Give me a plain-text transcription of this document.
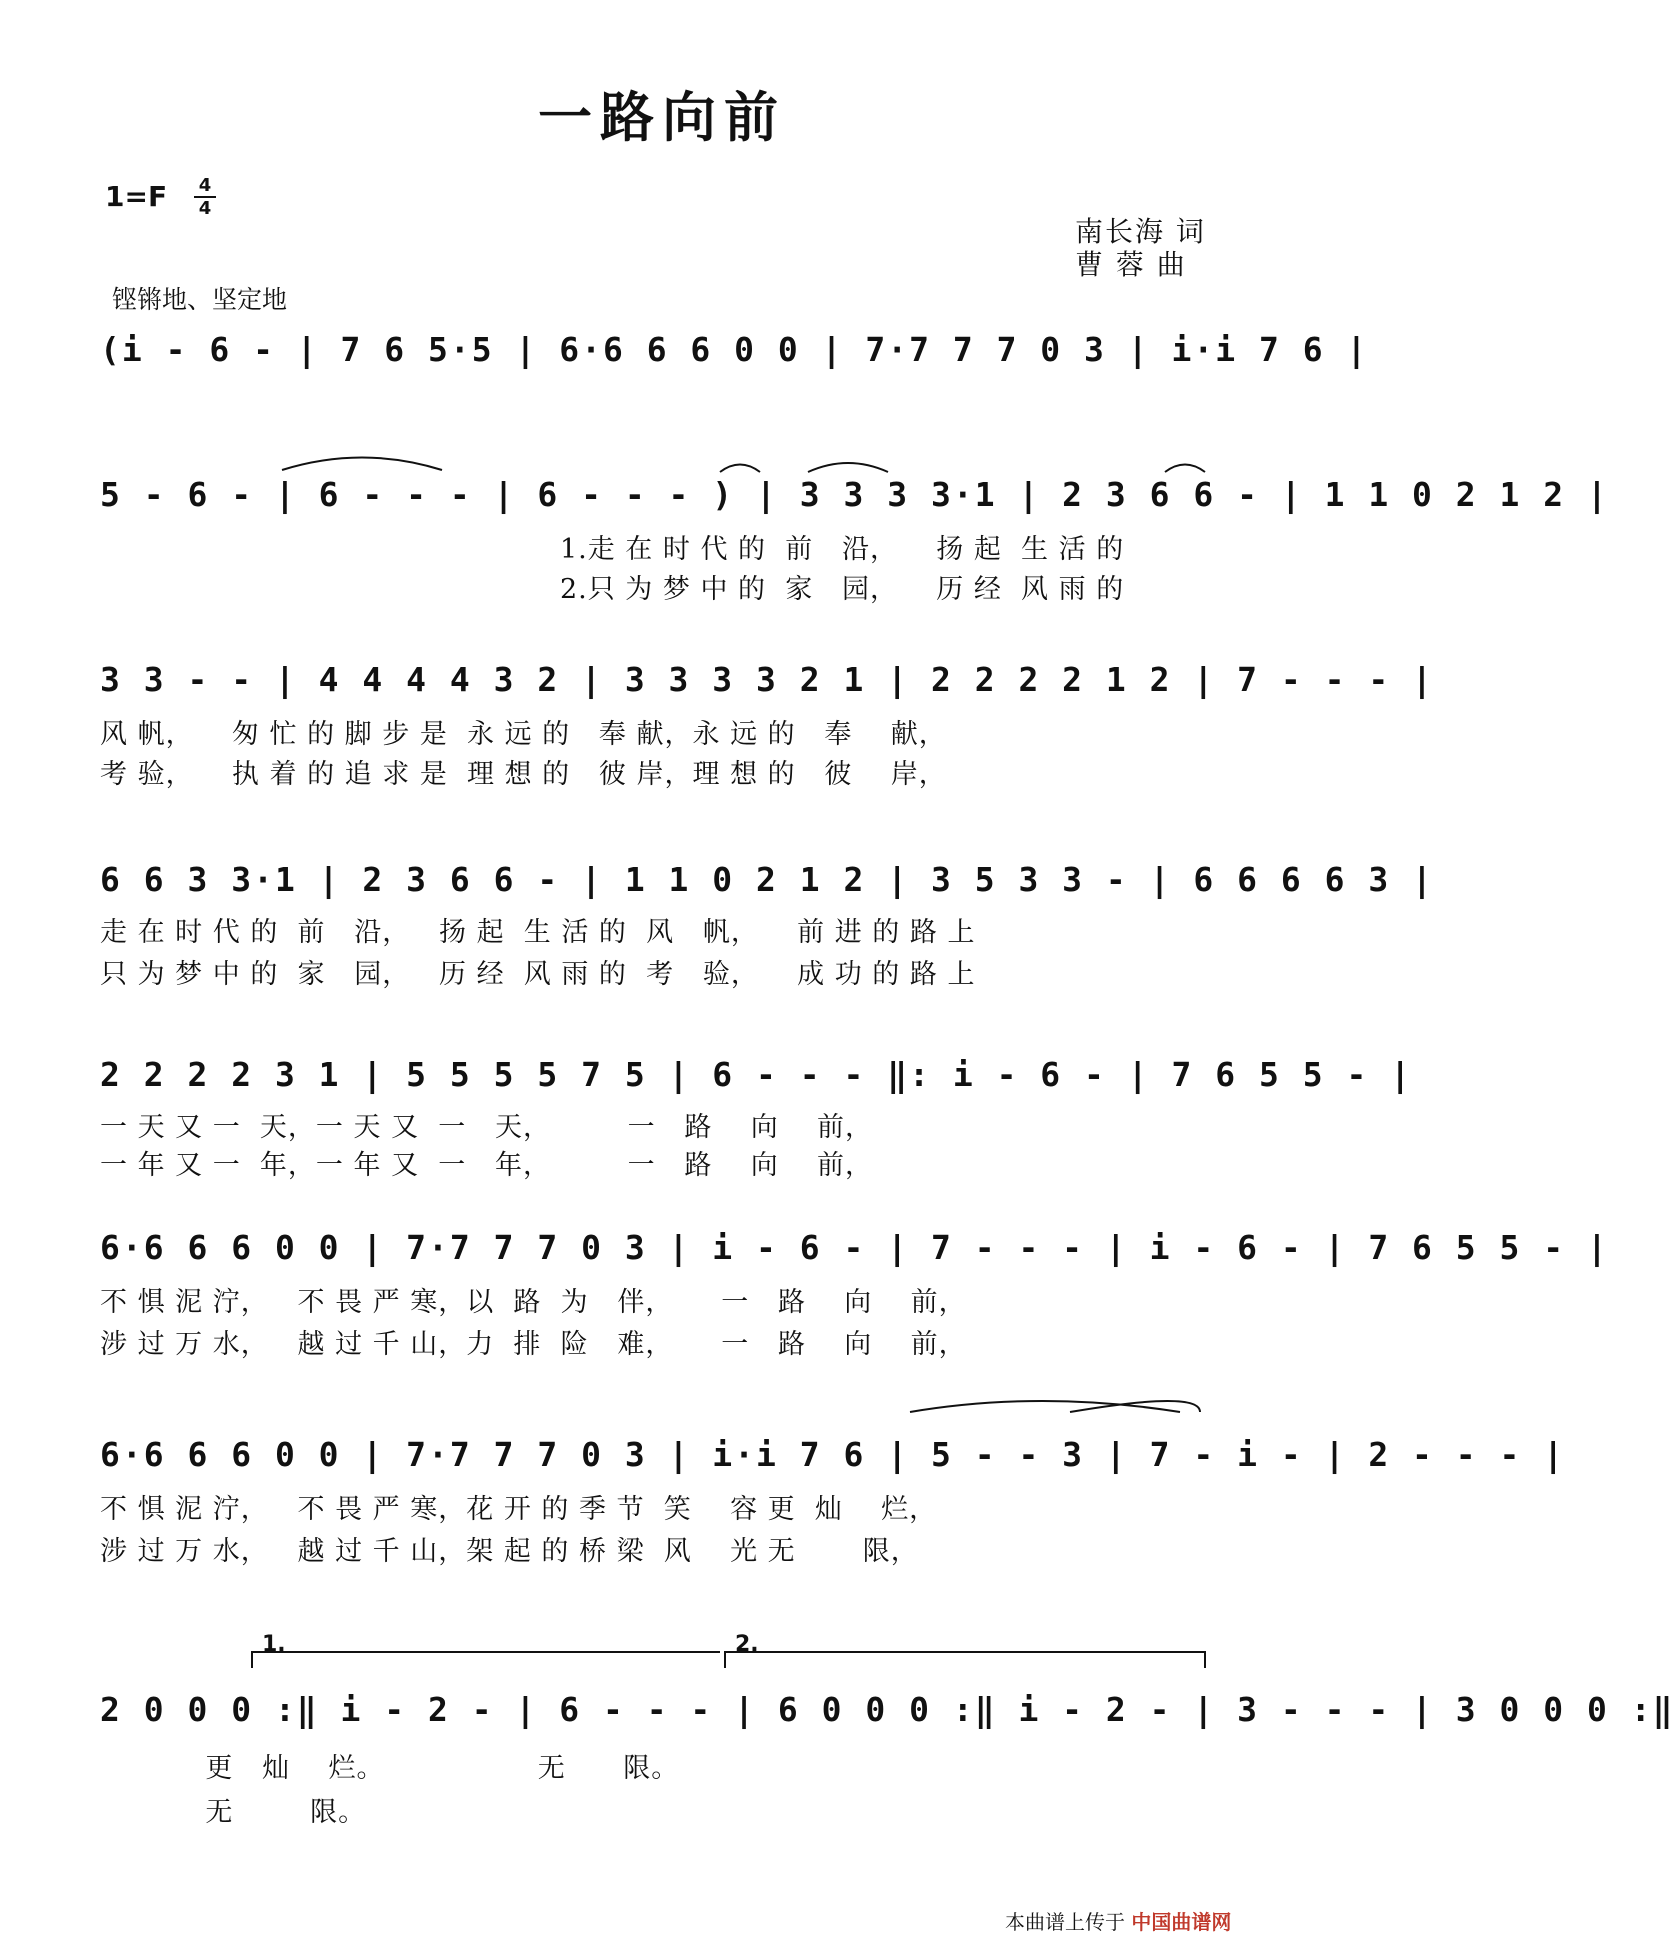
一路向前
1=F	4
4
南长海 词
曹 蓉 曲
铿锵地、坚定地
(i - 6 - | 7 6 5·5 | 6·6 6 6 0 0 | 7·7 7 7 0 3 | i·i 7 6 |
5 - 6 - | 6 - - - | 6 - - - ) | 3 3 3 3·1 | 2 3 6 6 - | 1 1 0 2 1 2 |
1.走 在 时 代 的  前   沿，    扬 起  生 活 的
2.只 为 梦 中 的  家   园，    历 经  风 雨 的
3 3 - - | 4 4 4 4 3 2 | 3 3 3 3 2 1 | 2 2 2 2 1 2 | 7 - - - |
风 帆，    匆 忙 的 脚 步 是  永 远 的   奉 献，永 远 的   奉    献，
考 验，    执 着 的 追 求 是  理 想 的   彼 岸，理 想 的   彼    岸，
6 6 3 3·1 | 2 3 6 6 - | 1 1 0 2 1 2 | 3 5 3 3 - | 6 6 6 6 3 |
走 在 时 代 的  前   沿，   扬 起  生 活 的  风   帆，    前 进 的 路 上
只 为 梦 中 的  家   园，   历 经  风 雨 的  考   验，    成 功 的 路 上
2 2 2 2 3 1 | 5 5 5 5 7 5 | 6 - - - ‖: i - 6 - | 7 6 5 5 - |
一 天 又 一  天，一 天 又  一   天，        一   路    向    前，
一 年 又 一  年，一 年 又  一   年，        一   路    向    前，
6·6 6 6 0 0 | 7·7 7 7 0 3 | i - 6 - | 7 - - - | i - 6 - | 7 6 5 5 - |
不 惧 泥 泞，   不 畏 严 寒，以  路  为   伴，     一   路    向    前，
涉 过 万 水，   越 过 千 山，力  排  险   难，     一   路    向    前，
6·6 6 6 0 0 | 7·7 7 7 0 3 | i·i 7 6 | 5 - - 3 | 7 - i - | 2 - - - |
不 惧 泥 泞，   不 畏 严 寒，花 开 的 季 节  笑    容 更  灿    烂，
涉 过 万 水，   越 过 千 山，架 起 的 桥 梁  风    光 无       限，
1.	2.
2 0 0 0 :‖ i - 2 - | 6 - - - | 6 0 0 0 :‖ i - 2 - | 3 - - - | 3 0 0 0 :‖
更   灿    烂。                无      限。
无        限。
本曲谱上传于 中国曲谱网
